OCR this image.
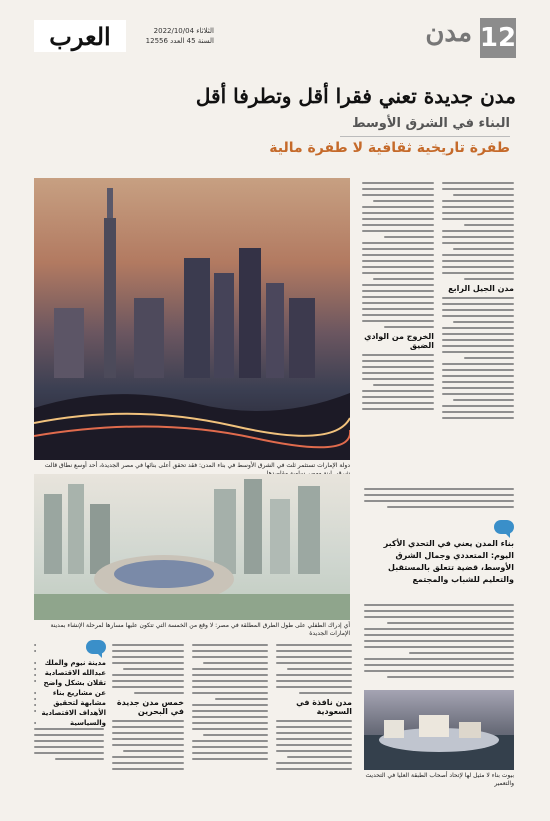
12
مدن
العرب	الثلاثاء 2022/10/04
السنة 45 العدد 12556
مدن جديدة تعني فقرا أقل وتطرفا أقل
البناء في الشرق الأوسط
طفرة تاريخية ثقافية لا طفرة مالية
مدن الجيل الرابع
الخروج من الوادي الضيق
دولة الإمارات تستثمر ثلث في الشرق الأوسط في بناء المدن: فقد تحقق أعلى بنائها في مصر الجديدة، أحد أوسع نطاق قالت
أي إدراك الطفلي على طول الطرق المطلقة في مصر: لا وقع من الخمسة التي تتكون عليها مسارها لمرحلة الإنشاء بمدينة الإمارات الجديدة
خمس مدن جديدة في البحرين
مدن نافذة في السعودية
بناء المدن يعني في التحدي الأكبر اليوم: المتعددي وجمال الشرق الأوسط، قضية تتعلق بالمستقبل والتعليم للشباب والمجتمع
بيوت بناء لا مثيل لها لإتحاد أصحاب الطبقة العليا في التحديث والتعمير
مدينة نيوم والملك عبدالله الاقتصادية تقلان بشكل واضح عن مشاريع بناء مشابهة لتحقيق الأهداف الاقتصادية والسياسية
